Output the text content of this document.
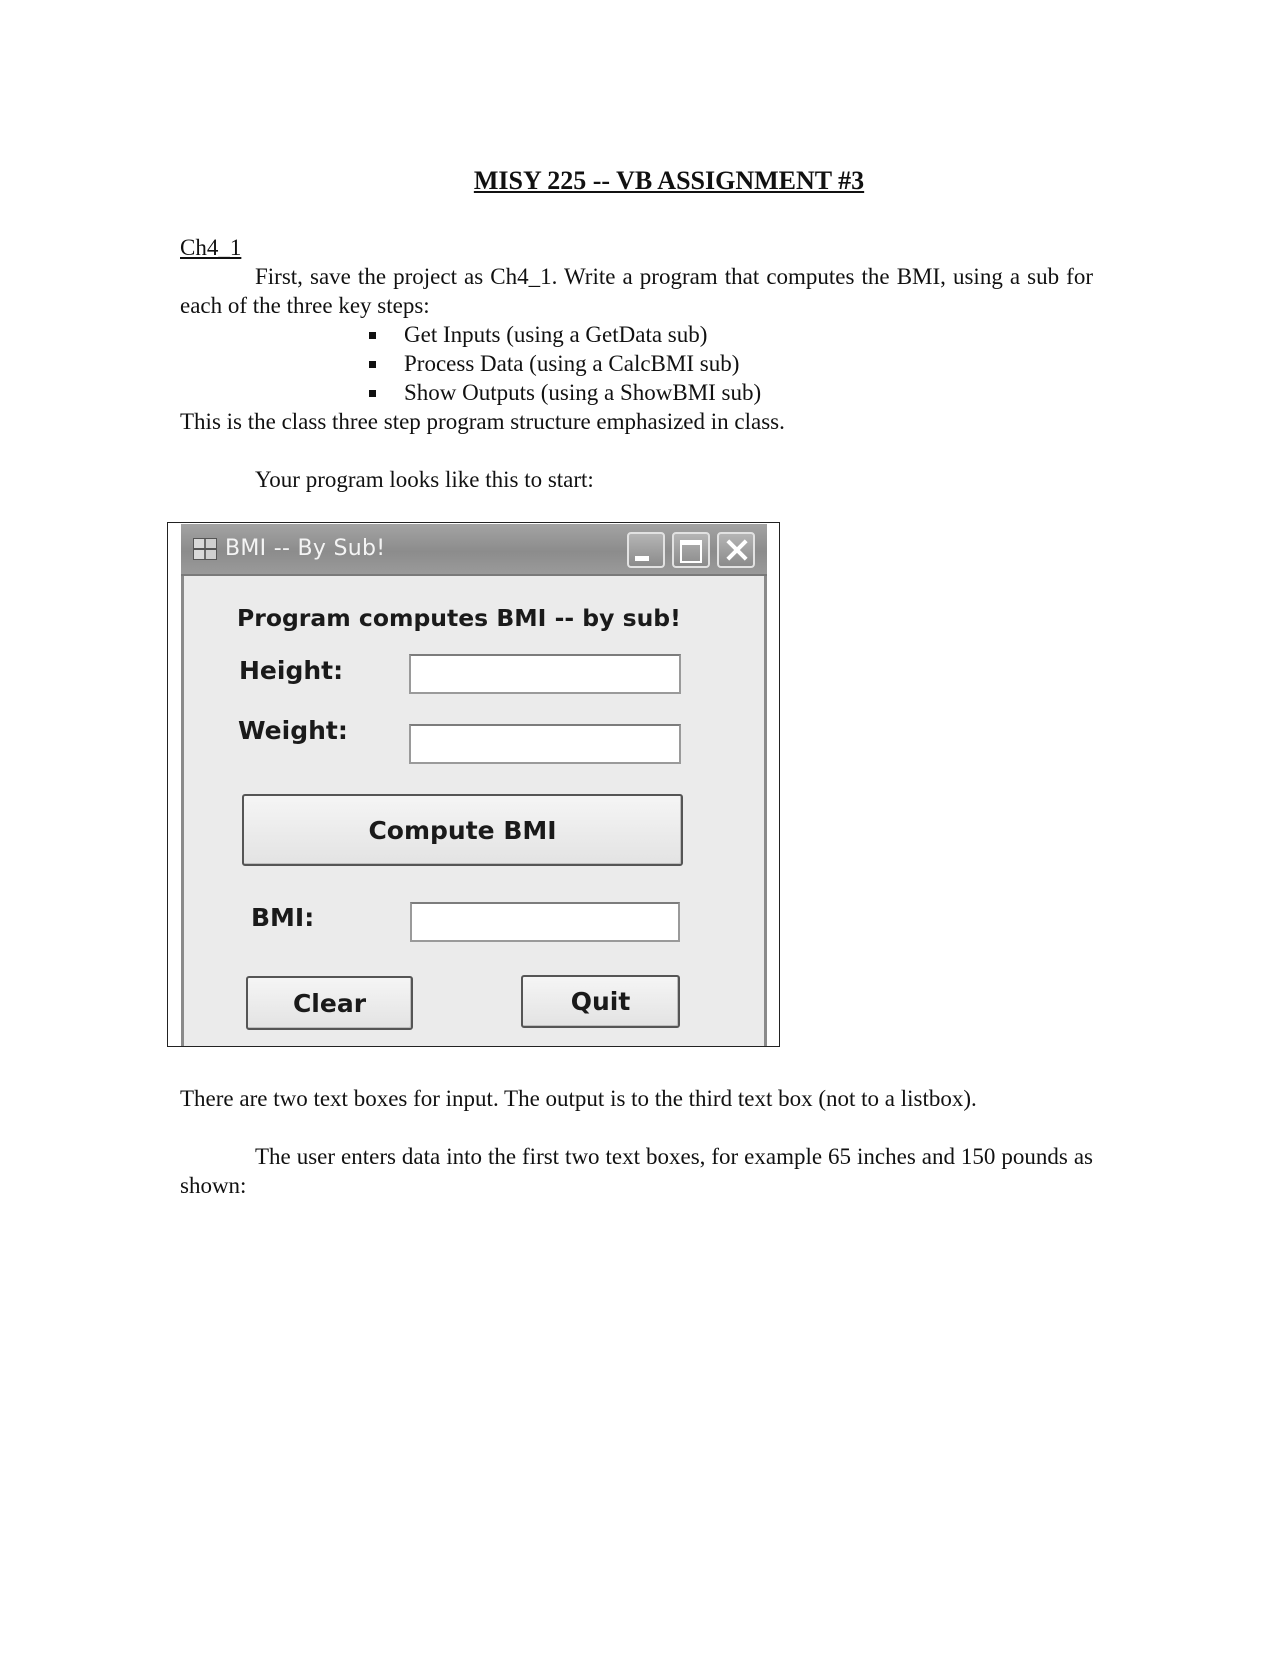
MISY 225 -- VB ASSIGNMENT #3
Ch4_1
First, save the project as Ch4_1. Write a program that computes the BMI, using a sub for each of the three key steps:
Get Inputs (using a GetData sub)
Process Data (using a CalcBMI sub)
Show Outputs (using a ShowBMI sub)
This is the class three step program structure emphasized in class.
Your program looks like this to start:
BMI -- By Sub!
Program computes BMI -- by sub!
Height:
Weight:
Compute BMI
BMI:
Clear	Quit
There are two text boxes for input. The output is to the third text box (not to a listbox).
The user enters data into the first two text boxes, for example 65 inches and 150 pounds as shown:
